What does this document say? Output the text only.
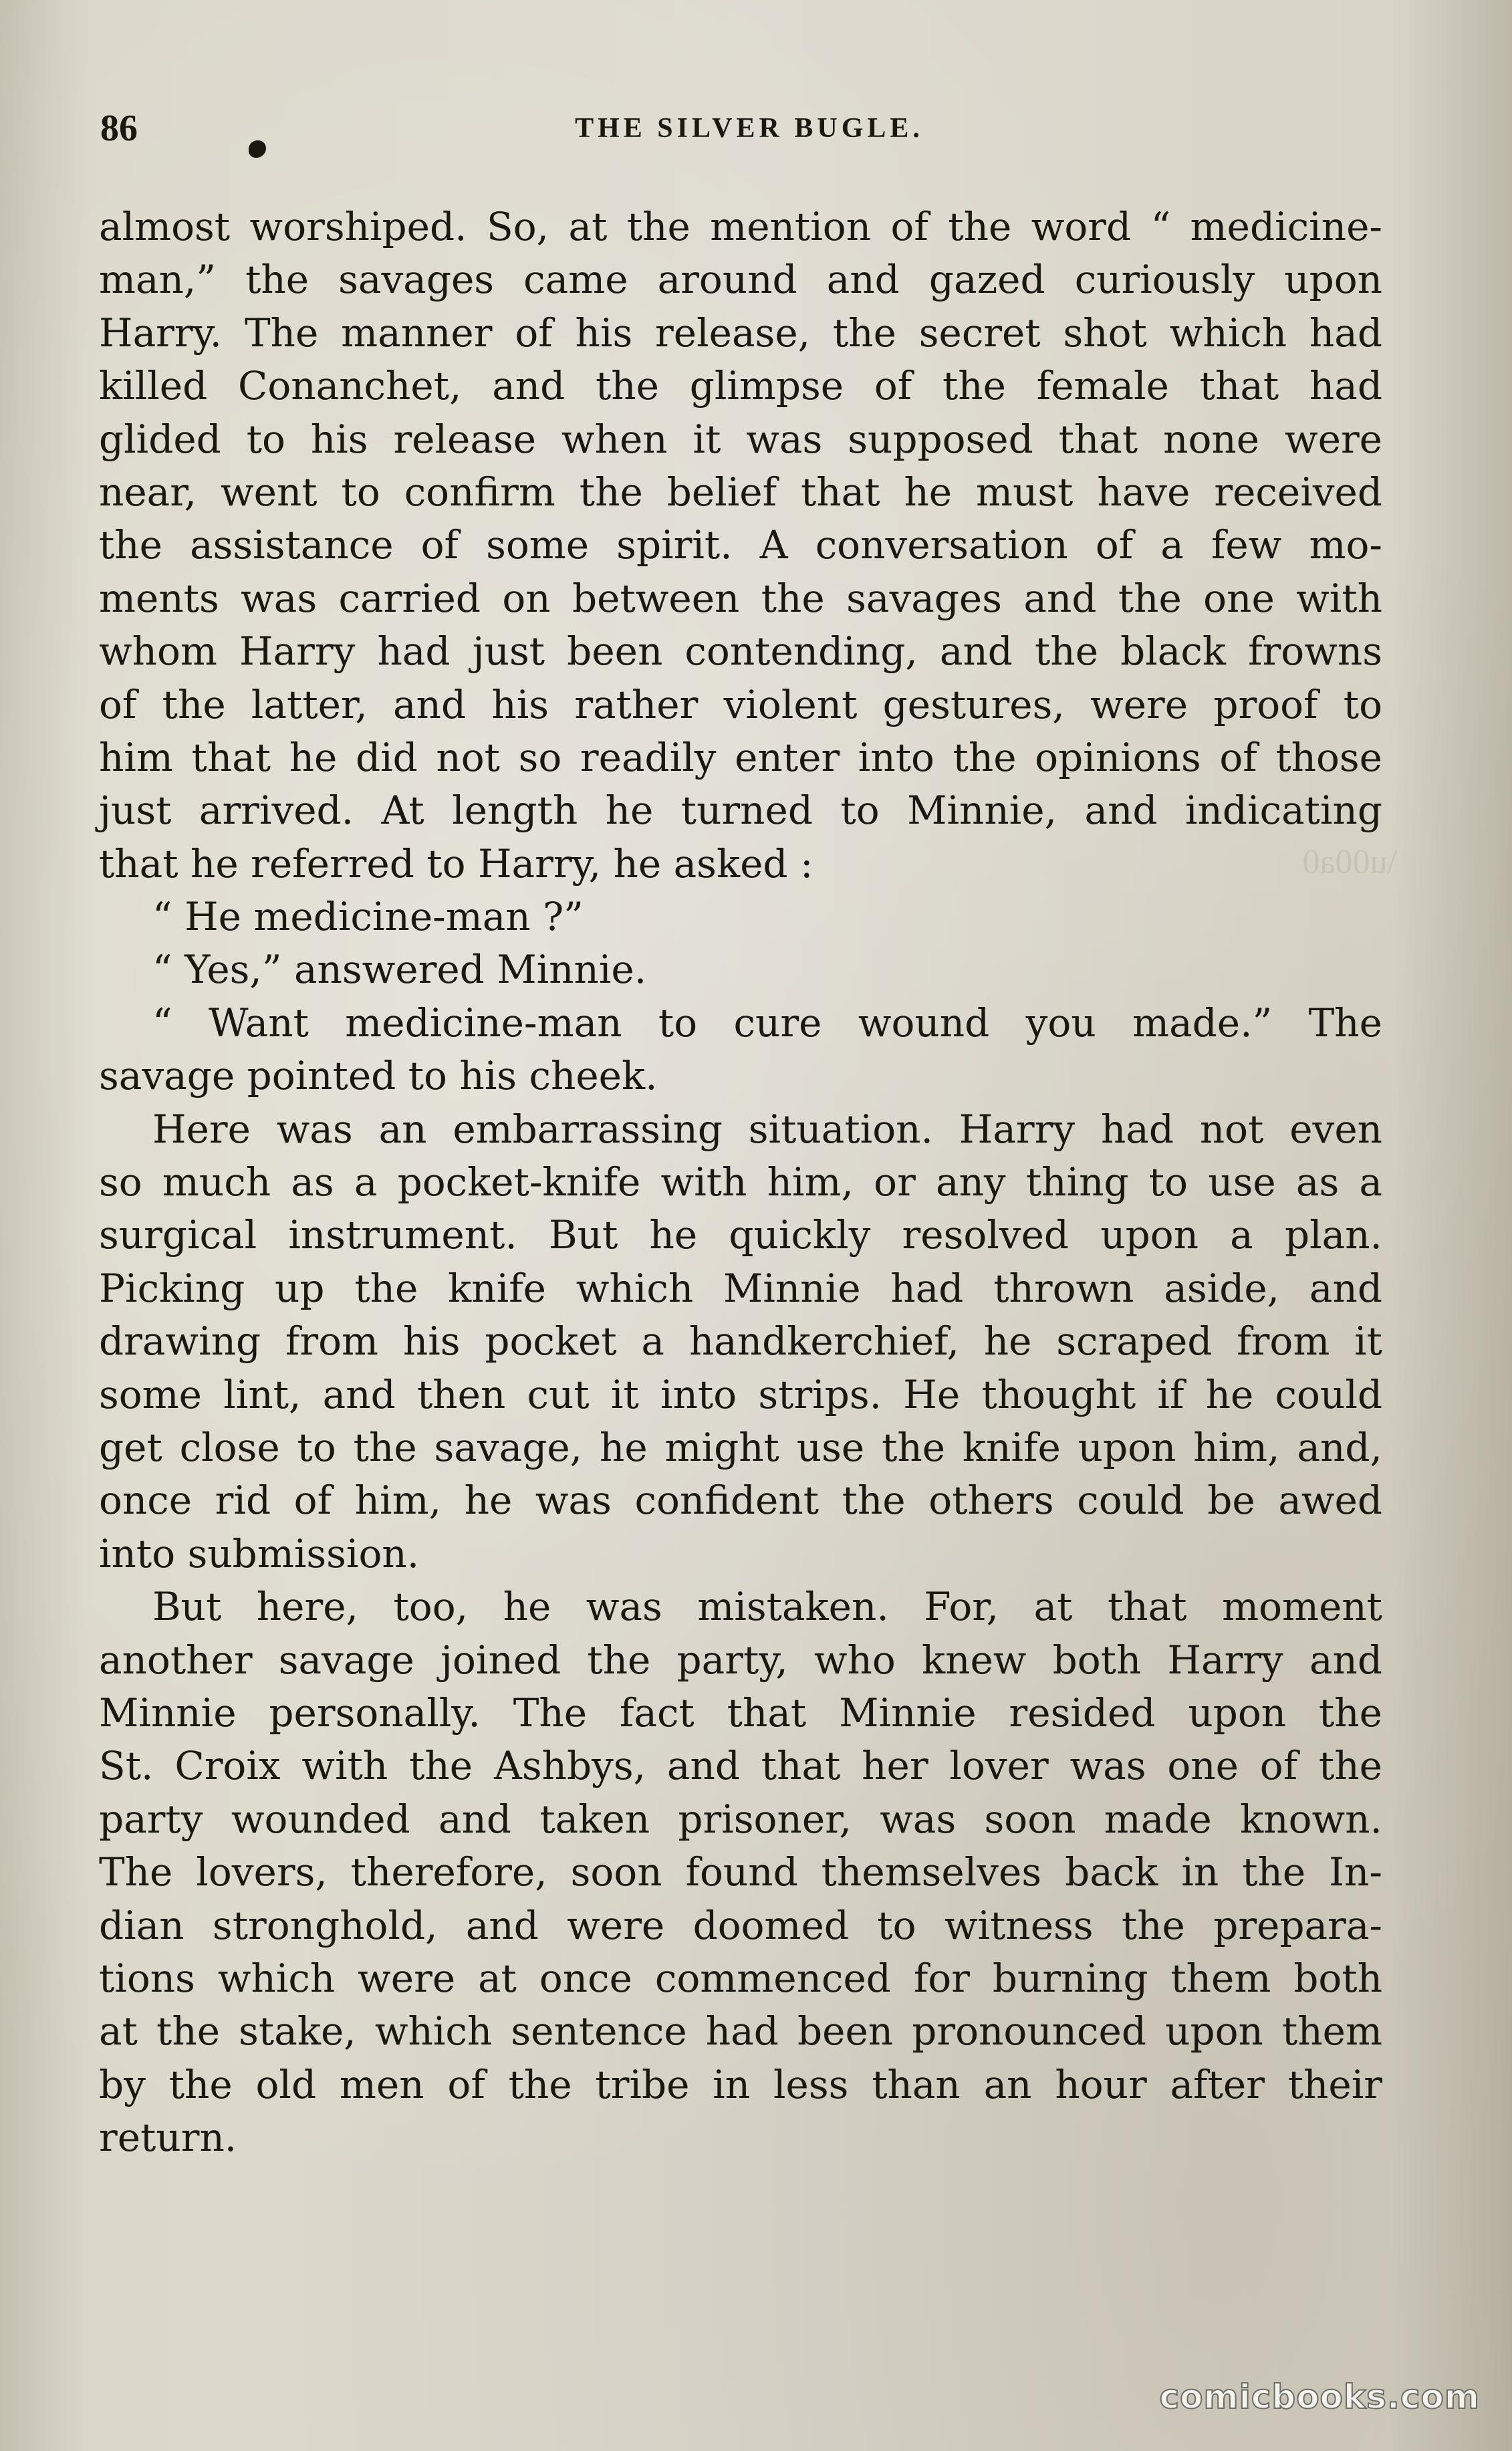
\u00a0
86	THE SILVER BUGLE.
almost worshiped. So, at the mention of the word “ medicine-
man,” the savages came around and gazed curiously upon
Harry. The manner of his release, the secret shot which had
killed Conanchet, and the glimpse of the female that had
glided to his release when it was supposed that none were
near, went to confirm the belief that he must have received
the assistance of some spirit. A conversation of a few mo-
ments was carried on between the savages and the one with
whom Harry had just been contending, and the black frowns
of the latter, and his rather violent gestures, were proof to
him that he did not so readily enter into the opinions of those
just arrived. At length he turned to Minnie, and indicating
that he referred to Harry, he asked :
“ He medicine-man ?”
“ Yes,” answered Minnie.
“ Want medicine-man to cure wound you made.” The
savage pointed to his cheek.
Here was an embarrassing situation. Harry had not even
so much as a pocket-knife with him, or any thing to use as a
surgical instrument. But he quickly resolved upon a plan.
Picking up the knife which Minnie had thrown aside, and
drawing from his pocket a handkerchief, he scraped from it
some lint, and then cut it into strips. He thought if he could
get close to the savage, he might use the knife upon him, and,
once rid of him, he was confident the others could be awed
into submission.
But here, too, he was mistaken. For, at that moment
another savage joined the party, who knew both Harry and
Minnie personally. The fact that Minnie resided upon the
St. Croix with the Ashbys, and that her lover was one of the
party wounded and taken prisoner, was soon made known.
The lovers, therefore, soon found themselves back in the In-
dian stronghold, and were doomed to witness the prepara-
tions which were at once commenced for burning them both
at the stake, which sentence had been pronounced upon them
by the old men of the tribe in less than an hour after their
return.
comicbooks.com
